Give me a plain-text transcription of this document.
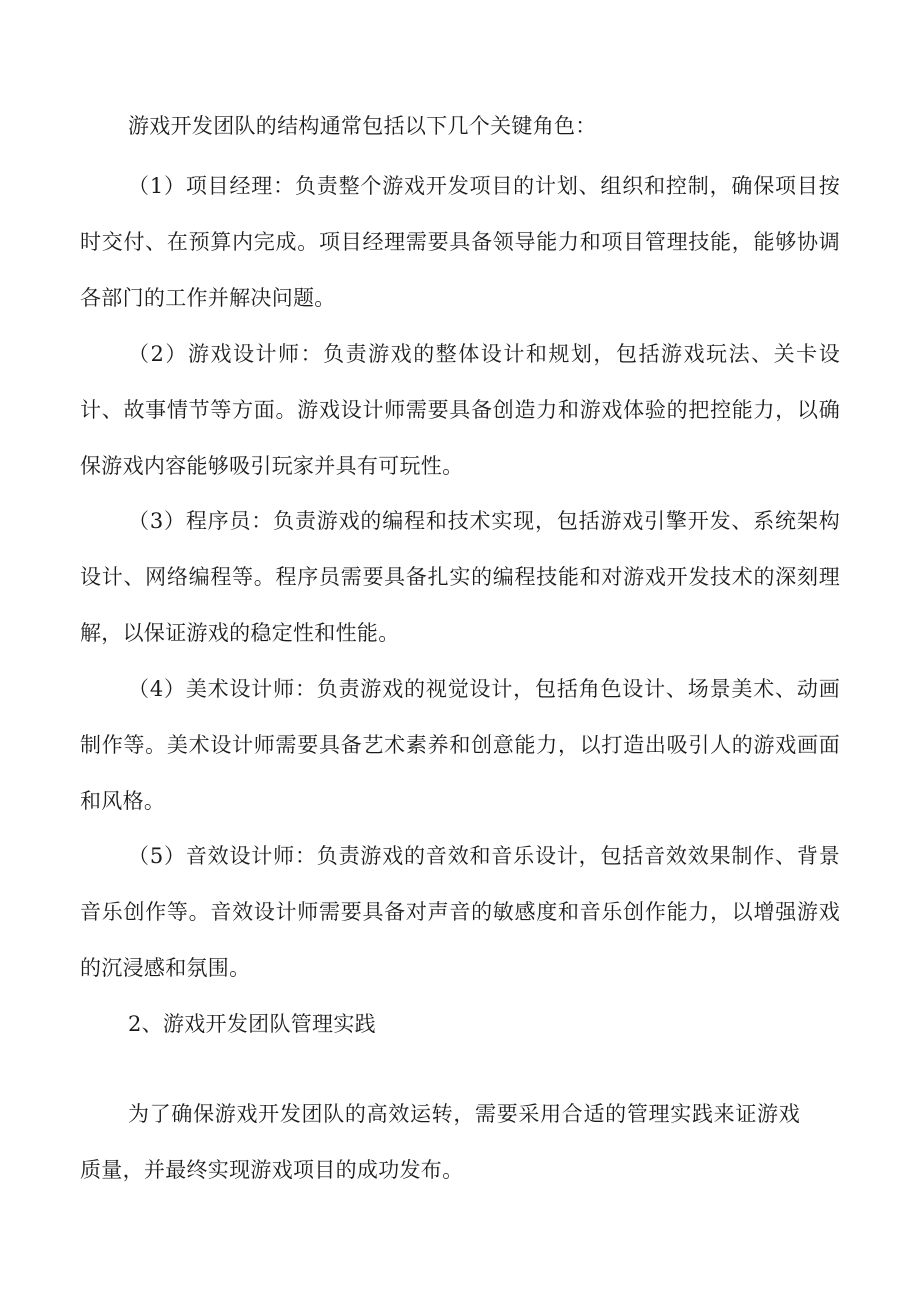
游戏开发团队的结构通常包括以下几个关键角色：

（1）项目经理：负责整个游戏开发项目的计划、组织和控制，确保项目按时交付、在预算内完成。项目经理需要具备领导能力和项目管理技能，能够协调各部门的工作并解决问题。

（2）游戏设计师：负责游戏的整体设计和规划，包括游戏玩法、关卡设计、故事情节等方面。游戏设计师需要具备创造力和游戏体验的把控能力，以确保游戏内容能够吸引玩家并具有可玩性。

（3）程序员：负责游戏的编程和技术实现，包括游戏引擎开发、系统架构设计、网络编程等。程序员需要具备扎实的编程技能和对游戏开发技术的深刻理解，以保证游戏的稳定性和性能。

（4）美术设计师：负责游戏的视觉设计，包括角色设计、场景美术、动画制作等。美术设计师需要具备艺术素养和创意能力，以打造出吸引人的游戏画面和风格。

（5）音效设计师：负责游戏的音效和音乐设计，包括音效效果制作、背景音乐创作等。音效设计师需要具备对声音的敏感度和音乐创作能力，以增强游戏的沉浸感和氛围。

2、游戏开发团队管理实践

为了确保游戏开发团队的高效运转，需要采用合适的管理实践来证游戏质量，并最终实现游戏项目的成功发布。
